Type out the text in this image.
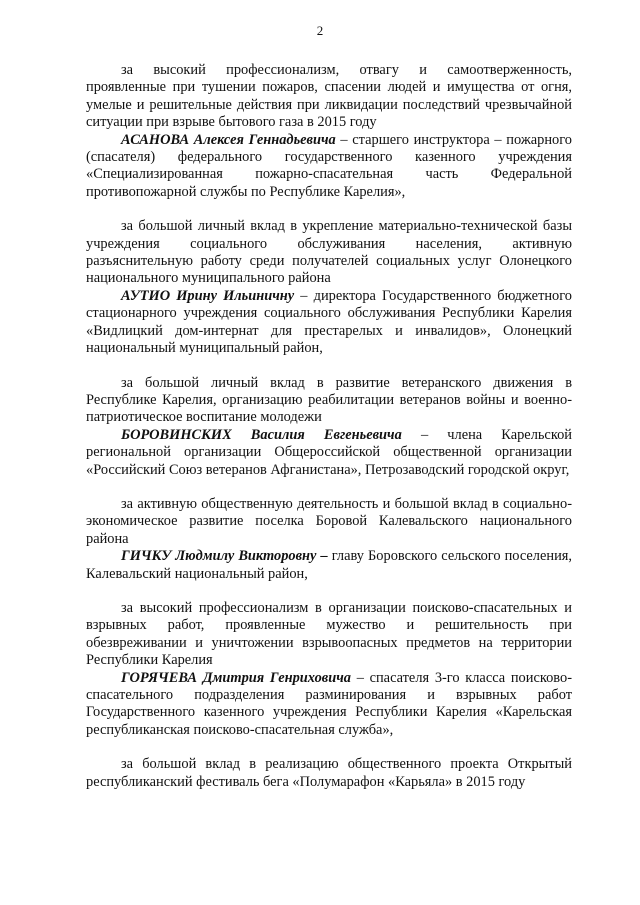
2

за высокий профессионализм, отвагу и самоотверженность, проявленные при тушении пожаров, спасении людей и имущества от огня, умелые и решительные действия при ликвидации последствий чрезвычайной ситуации при взрыве бытового газа в 2015 году

АСАНОВА Алексея Геннадьевича – старшего инструктора – пожарного (спасателя) федерального государственного казенного учреждения «Специализированная пожарно-спасательная часть Федеральной противопожарной службы по Республике Карелия»,

за большой личный вклад в укрепление материально-технической базы учреждения социального обслуживания населения, активную разъяснительную работу среди получателей социальных услуг Олонецкого национального муниципального района

АУТИО Ирину Ильиничну – директора Государственного бюджетного стационарного учреждения социального обслуживания Республики Карелия «Видлицкий дом-интернат для престарелых и инвалидов», Олонецкий национальный муниципальный район,

за большой личный вклад в развитие ветеранского движения в Республике Карелия, организацию реабилитации ветеранов войны и военно-патриотическое воспитание молодежи

БОРОВИНСКИХ Василия Евгеньевича – члена Карельской региональной организации Общероссийской общественной организации «Российский Союз ветеранов Афганистана», Петрозаводский городской округ,

за активную общественную деятельность и большой вклад в социально-экономическое развитие поселка Боровой Калевальского национального района

ГИЧКУ Людмилу Викторовну – главу Боровского сельского поселения, Калевальский национальный район,

за высокий профессионализм в организации поисково-спасательных и взрывных работ, проявленные мужество и решительность при обезвреживании и уничтожении взрывоопасных предметов на территории Республики Карелия

ГОРЯЧЕВА Дмитрия Генриховича – спасателя 3-го класса поисково-спасательного подразделения разминирования и взрывных работ Государственного казенного учреждения Республики Карелия «Карельская республиканская поисково-спасательная служба»,

за большой вклад в реализацию общественного проекта Открытый республиканский фестиваль бега «Полумарафон «Карьяла» в 2015 году
